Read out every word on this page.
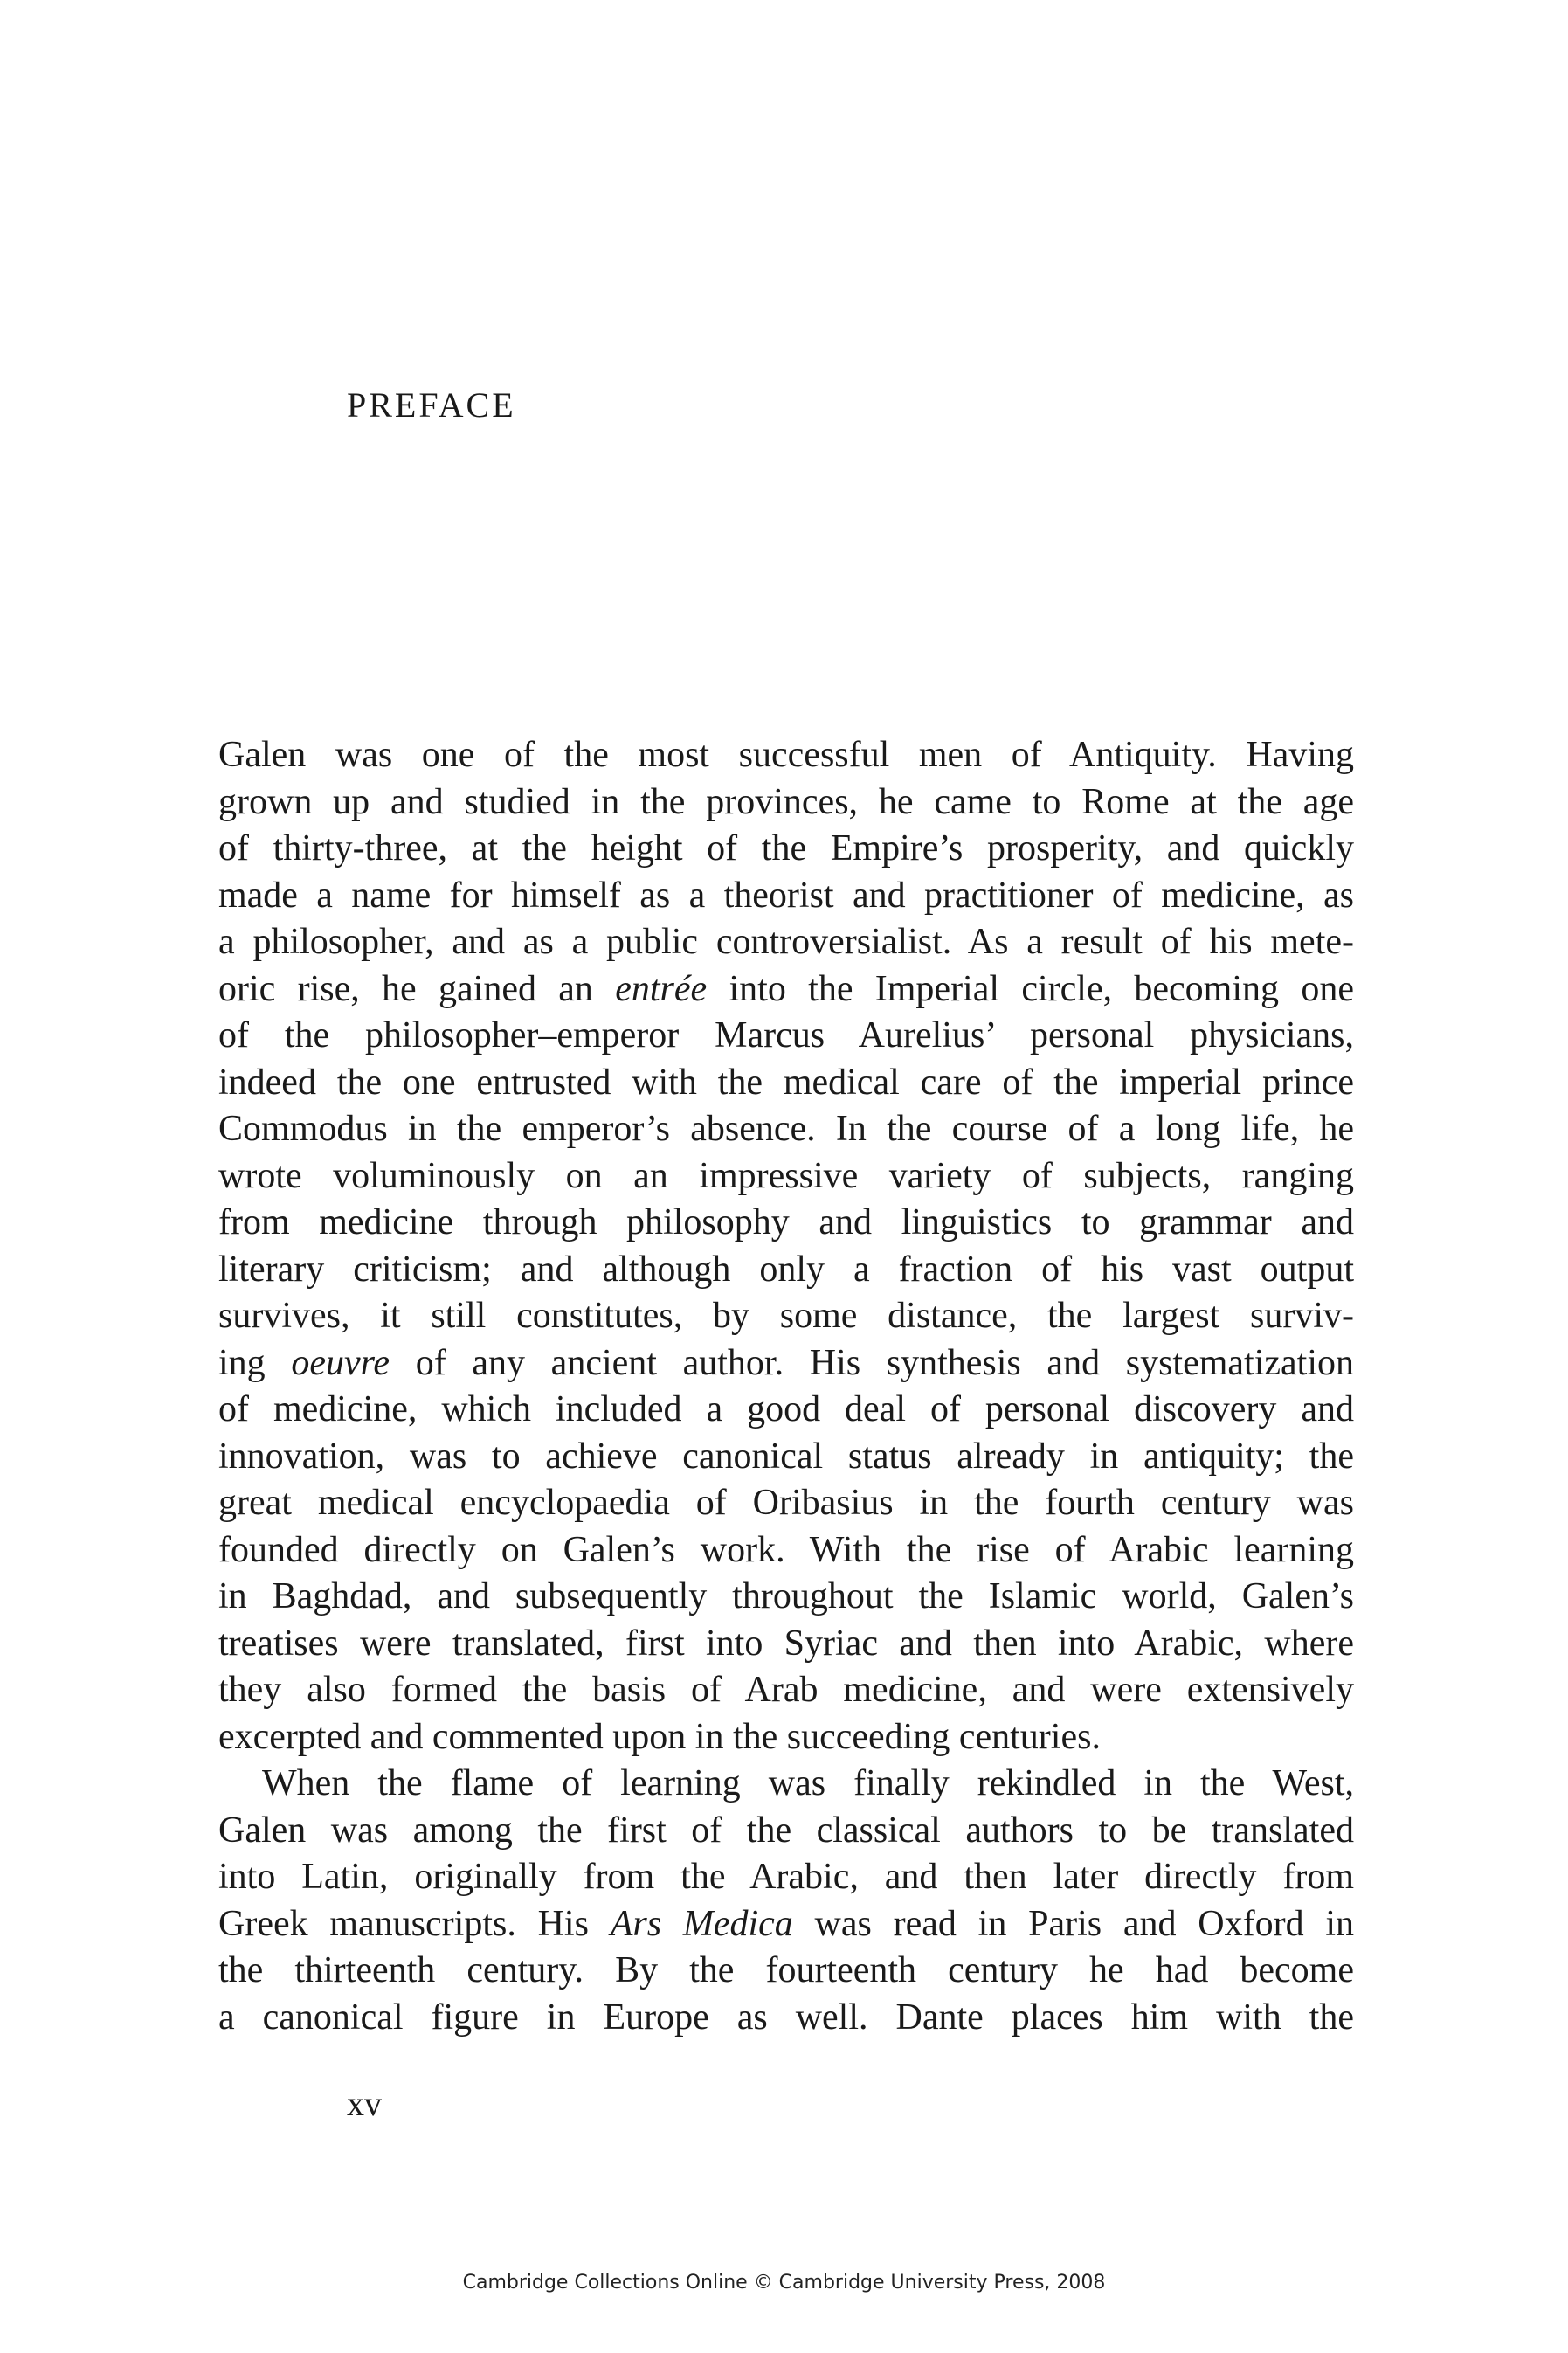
PREFACE
Galen was one of the most successful men of Antiquity. Having
grown up and studied in the provinces, he came to Rome at the age
of thirty-three, at the height of the Empire’s prosperity, and quickly
made a name for himself as a theorist and practitioner of medicine, as
a philosopher, and as a public controversialist. As a result of his mete-
oric rise, he gained an entrée into the Imperial circle, becoming one
of the philosopher–emperor Marcus Aurelius’ personal physicians,
indeed the one entrusted with the medical care of the imperial prince
Commodus in the emperor’s absence. In the course of a long life, he
wrote voluminously on an impressive variety of subjects, ranging
from medicine through philosophy and linguistics to grammar and
literary criticism; and although only a fraction of his vast output
survives, it still constitutes, by some distance, the largest surviv-
ing oeuvre of any ancient author. His synthesis and systematization
of medicine, which included a good deal of personal discovery and
innovation, was to achieve canonical status already in antiquity; the
great medical encyclopaedia of Oribasius in the fourth century was
founded directly on Galen’s work. With the rise of Arabic learning
in Baghdad, and subsequently throughout the Islamic world, Galen’s
treatises were translated, first into Syriac and then into Arabic, where
they also formed the basis of Arab medicine, and were extensively
excerpted and commented upon in the succeeding centuries.
When the flame of learning was finally rekindled in the West,
Galen was among the first of the classical authors to be translated
into Latin, originally from the Arabic, and then later directly from
Greek manuscripts. His Ars Medica was read in Paris and Oxford in
the thirteenth century. By the fourteenth century he had become
a canonical figure in Europe as well. Dante places him with the
xv
Cambridge Collections Online © Cambridge University Press, 2008
